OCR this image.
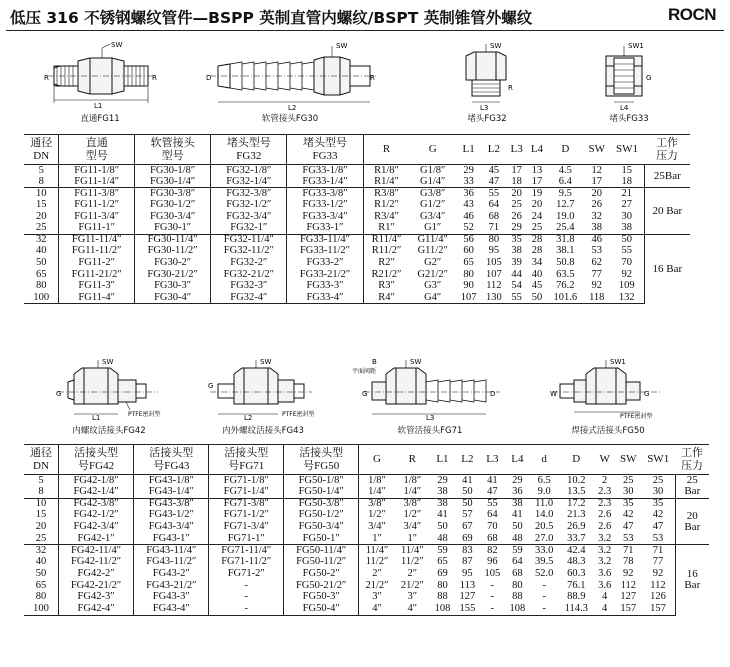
低压 316 不锈钢螺纹管件—BSPP 英制直管内螺纹/BSPT 英制锥管外螺纹	ROCN
SW
R	R
L1
直通FG11
SW
D	R
L2
软管接头FG30
SW
R
L3
堵头FG32
SW1
G
L4
堵头FG33
通径
DN	直通
型号	软管接头
型号	堵头型号
FG32	堵头型号
FG33	R	G	L1	L2	L3	L4	D	SW	SW1	工作
压力
5	FG11-1/8″	FG30-1/8″	FG32-1/8″	FG33-1/8″	R1/8″	G1/8″	29	45	17	13	4.5	12	15	25Bar
8	FG11-1/4″	FG30-1/4″	FG32-1/4″	FG33-1/4″	R1/4″	G1/4″	33	47	18	17	6.4	17	18	
10	FG11-3/8″	FG30-3/8″	FG32-3/8″	FG33-3/8″	R3/8″	G3/8″	36	55	20	19	9.5	20	21	20 Bar
15	FG11-1/2″	FG30-1/2″	FG32-1/2″	FG33-1/2″	R1/2″	G1/2″	43	64	25	20	12.7	26	27	
20	FG11-3/4″	FG30-3/4″	FG32-3/4″	FG33-3/4″	R3/4″	G3/4″	46	68	26	24	19.0	32	30	
25	FG11-1″	FG30-1″	FG32-1″	FG33-1″	R1″	G1″	52	71	29	25	25.4	38	38	
32	FG11-11/4″	FG30-11/4″	FG32-11/4″	FG33-11/4″	R11/4″	G11/4″	56	80	35	28	31.8	46	50	16 Bar
40	FG11-11/2″	FG30-11/2″	FG32-11/2″	FG33-11/2″	R11/2″	G11/2″	60	95	38	28	38.1	53	55	
50	FG11-2″	FG30-2″	FG32-2″	FG33-2″	R2″	G2″	65	105	39	34	50.8	62	70	
65	FG11-21/2″	FG30-21/2″	FG32-21/2″	FG33-21/2″	R21/2″	G21/2″	80	107	44	40	63.5	77	92	
80	FG11-3″	FG30-3″	FG32-3″	FG33-3″	R3″	G3″	90	112	54	45	76.2	92	109	
100	FG11-4″	FG30-4″	FG32-4″	FG33-4″	R4″	G4″	107	130	55	50	101.6	118	132	
SW
G
L1	PTFE密封垫
内螺纹活接头FG42
SW
G
L2	PTFE密封垫
内外螺纹活接头FG43
SW
B
平面间距
G	D
L3
软管活接头FG71
SW1
W	G
PTFE密封垫
焊接式活接头FG50
通径
DN	活接头型
号FG42	活接头型
号FG43	活接头型
号FG71	活接头型
号FG50	G	R	L1	L2	L3	L4	d	D	W	SW	SW1	工作
压力
5	FG42-1/8″	FG43-1/8″	FG71-1/8″	FG50-1/8″	1/8″	1/8″	29	41	41	29	6.5	10.2	2	25	25	25
Bar
8	FG42-1/4″	FG43-1/4″	FG71-1/4″	FG50-1/4″	1/4″	1/4″	38	50	47	36	9.0	13.5	2.3	30	30	
10	FG42-3/8″	FG43-3/8″	FG71-3/8″	FG50-3/8″	3/8″	3/8″	38	50	55	38	11.0	17.2	2.3	35	35	20
Bar
15	FG42-1/2″	FG43-1/2″	FG71-1/2″	FG50-1/2″	1/2″	1/2″	41	57	64	41	14.0	21.3	2.6	42	42	
20	FG42-3/4″	FG43-3/4″	FG71-3/4″	FG50-3/4″	3/4″	3/4″	50	67	70	50	20.5	26.9	2.6	47	47	
25	FG42-1″	FG43-1″	FG71-1″	FG50-1″	1″	1″	48	69	68	48	27.0	33.7	3.2	53	53	
32	FG42-11/4″	FG43-11/4″	FG71-11/4″	FG50-11/4″	11/4″	11/4″	59	83	82	59	33.0	42.4	3.2	71	71	16
Bar
40	FG42-11/2″	FG43-11/2″	FG71-11/2″	FG50-11/2″	11/2″	11/2″	65	87	96	64	39.5	48.3	3.2	78	77	
50	FG42-2″	FG43-2″	FG71-2″	FG50-2″	2″	2″	69	95	105	68	52.0	60.3	3.6	92	92	
65	FG42-21/2″	FG43-21/2″	-	FG50-21/2″	21/2″	21/2″	80	113	-	80	-	76.1	3.6	112	112	
80	FG42-3″	FG43-3″	-	FG50-3″	3″	3″	88	127	-	88	-	88.9	4	127	126	
100	FG42-4″	FG43-4″	-	FG50-4″	4″	4″	108	155	-	108	-	114.3	4	157	157	
